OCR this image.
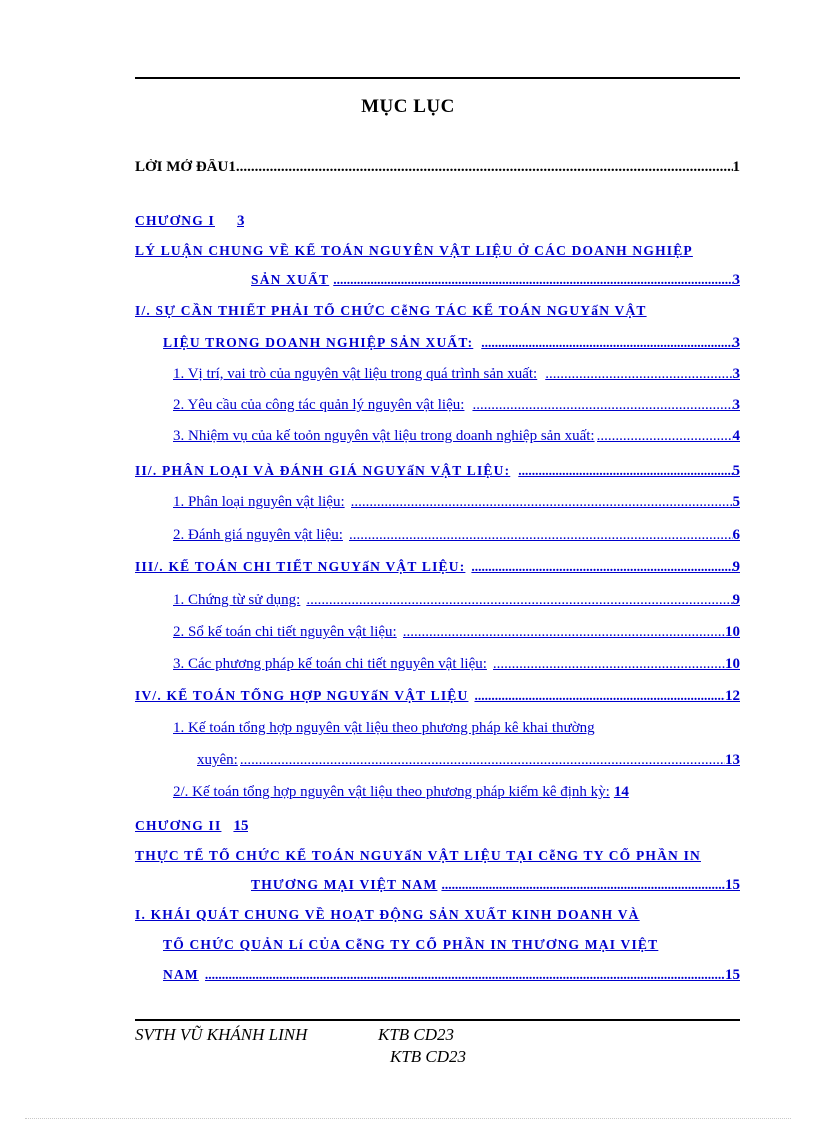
MỤC LỤC
LỜI MỞ ĐẦU1 .....	1
CHƯƠNG I 3
LÝ LUẬN CHUNG VỀ KẾ TOÁN NGUYÊN VẬT LIỆU Ở CÁC DOANH NGHIỆP
SẢN XUẤT .....	3
I/. SỰ CẦN THIẾT PHẢI TỔ CHỨC CễNG TÁC KẾ TOÁN NGUYấN VẬT
LIỆU TRONG DOANH NGHIỆP SẢN XUẤT: .....	3
1. Vị trí, vai trò của nguyên vật liệu trong quá trình sản xuất: .....	3
2. Yêu cầu của công tác quản lý nguyên vật liệu: .....	3
3. Nhiệm vụ của kế toỏn nguyên vật liệu trong doanh nghiệp sản xuất: .....	4
II/. PHÂN LOẠI VÀ ĐÁNH GIÁ NGUYấN VẬT LIỆU: .....	5
1. Phân loại nguyên vật liệu: .....	5
2. Đánh giá nguyên vật liệu: .....	6
III/. KẾ TOÁN CHI TIẾT NGUYấN VẬT LIỆU: .....	9
1. Chứng từ sử dụng: .....	9
2. Sổ kế toán chi tiết nguyên vật liệu: .....	10
3. Các phương pháp kế toán chi tiết nguyên vật liệu: .....	10
IV/. KẾ TOÁN TỔNG HỢP NGUYấN VẬT LIỆU .....	12
1. Kế toán tổng hợp nguyên vật liệu theo phương pháp kê khai thường
xuyên: .....	13
2/. Kế toán tổng hợp nguyên vật liệu theo phương pháp kiểm kê định kỳ: 14
CHƯƠNG II 15
THỰC TẾ TỔ CHỨC KẾ TOÁN NGUYấN VẬT LIỆU TẠI CễNG TY CỔ PHẦN IN
THƯƠNG MẠI VIỆT NAM .....	15
I. KHÁI QUÁT CHUNG VỀ HOẠT ĐỘNG SẢN XUẤT KINH DOANH VÀ
TỔ CHỨC QUẢN Lí CỦA CễNG TY CỔ PHẦN IN THƯƠNG MẠI VIỆT
NAM .....	15
SVTH VŨ KHÁNH LINH	KTB CD23
KTB CD23
